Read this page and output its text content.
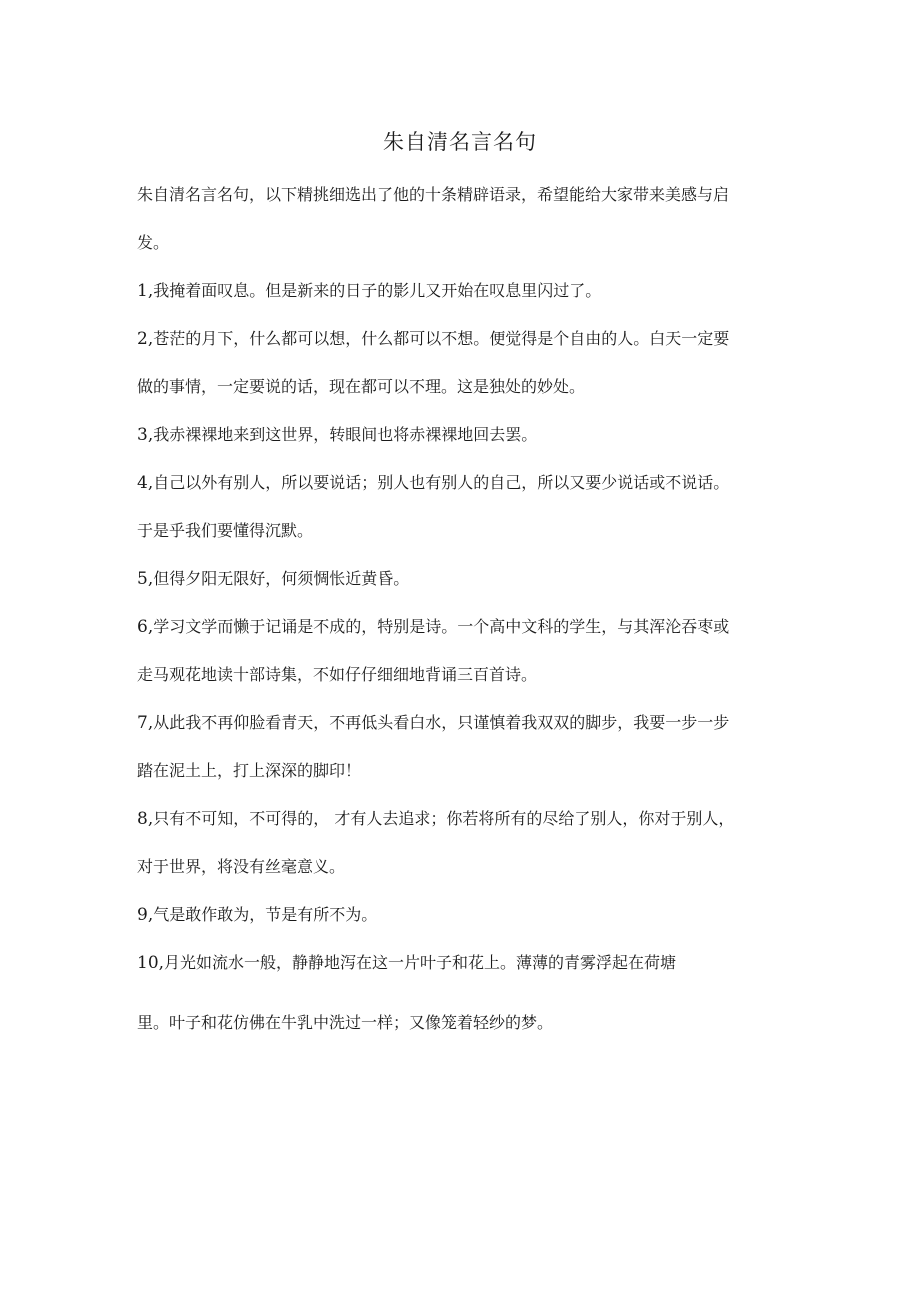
朱自清名言名句
朱自清名言名句，以下精挑细选出了他的十条精辟语录，希望能给大家带来美感与启
发。
1,我掩着面叹息。但是新来的日子的影儿又开始在叹息里闪过了。
2,苍茫的月下，什么都可以想，什么都可以不想。便觉得是个自由的人。白天一定要
做的事情，一定要说的话，现在都可以不理。这是独处的妙处。
3,我赤裸裸地来到这世界，转眼间也将赤裸裸地回去罢。
4,自己以外有别人，所以要说话；别人也有别人的自己，所以又要少说话或不说话。
于是乎我们要懂得沉默。
5,但得夕阳无限好，何须惆怅近黄昏。
6,学习文学而懒于记诵是不成的，特别是诗。一个高中文科的学生，与其浑沦吞枣或
走马观花地读十部诗集，不如仔仔细细地背诵三百首诗。
7,从此我不再仰脸看青天，不再低头看白水，只谨慎着我双双的脚步，我要一步一步
踏在泥土上，打上深深的脚印！
8,只有不可知，不可得的， 才有人去追求；你若将所有的尽给了别人，你对于别人，
对于世界，将没有丝毫意义。
9,气是敢作敢为，节是有所不为。
10,月光如流水一般，静静地泻在这一片叶子和花上。薄薄的青雾浮起在荷塘
里。叶子和花仿佛在牛乳中洗过一样；又像笼着轻纱的梦。
